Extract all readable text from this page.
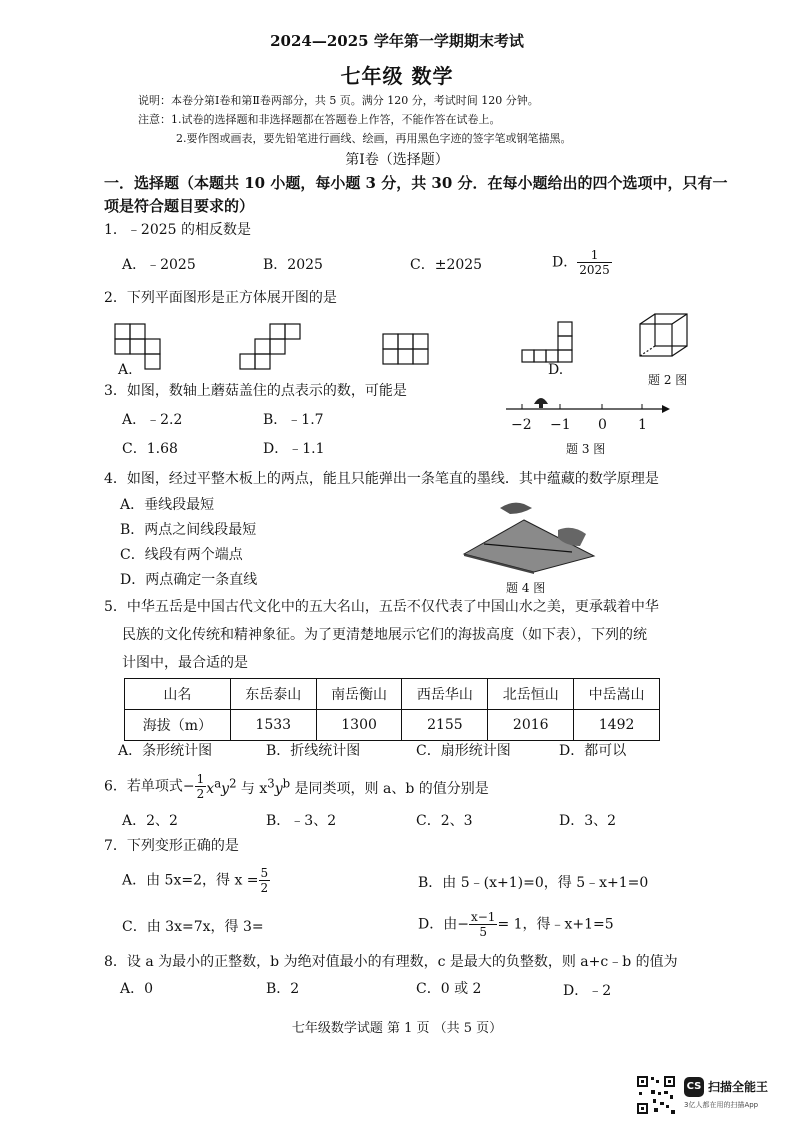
2024—2025 学年第一学期期末考试
七年级 数学
说明：本卷分第Ⅰ卷和第Ⅱ卷两部分，共 5 页。满分 120 分，考试时间 120 分钟。
注意：1.试卷的选择题和非选择题都在答题卷上作答，不能作答在试卷上。
2.要作图或画表，要先铅笔进行画线、绘画，再用黑色字迹的签字笔或钢笔描黑。
第Ⅰ卷（选择题）
一．选择题（本题共 10 小题，每小题 3 分，共 30 分．在每小题给出的四个选项中，只有一
项是符合题目要求的）
1．﹣2025 的相反数是
A．﹣2025	B．2025	C．±2025	D． $\frac{1}{2025}$
2．下列平面图形是正方体展开图的是
A.	D.
题 2 图
3．如图，数轴上蘑菇盖住的点表示的数，可能是
A．﹣2.2	B．﹣1.7
C．1.68	D．﹣1.1
−2 −1 0 1
题 3 图
4．如图，经过平整木板上的两点，能且只能弹出一条笔直的墨线．其中蕴藏的数学原理是
A．垂线段最短
B．两点之间线段最短
C．线段有两个端点
D．两点确定一条直线	题 4 图
5．中华五岳是中国古代文化中的五大名山，五岳不仅代表了中国山水之美，更承载着中华
民族的文化传统和精神象征。为了更清楚地展示它们的海拔高度（如下表），下列的统
计图中，最合适的是
山名	东岳泰山	南岳衡山	西岳华山	北岳恒山	中岳嵩山
海拔（m）	1533	1300	2155	2016	1492
A．条形统计图	B．折线统计图	C．扇形统计图	D．都可以
6．若单项式− $\frac{1}{2} x^ay^2$ 与 $x^3y^b$ 是同类项，则 a、b 的值分别是
A．2、2	B．﹣3、2	C．2、3	D．3、2
7．下列变形正确的是
A．由 5x=2，得 $x = \frac{5}{2}$	B．由 5﹣(x+1)=0，得 5﹣x+1=0
C．由 3x=7x，得 3=	D．由− $\frac{x-1}{5} = 1$，得﹣x+1=5
8．设 a 为最小的正整数，b 为绝对值最小的有理数，c 是最大的负整数，则 a+c﹣b 的值为
A．0	B．2	C．0 或 2	D．﹣2
七年级数学试题 第 1 页 （共 5 页）
CS 扫描全能王
3亿人都在用的扫描App
